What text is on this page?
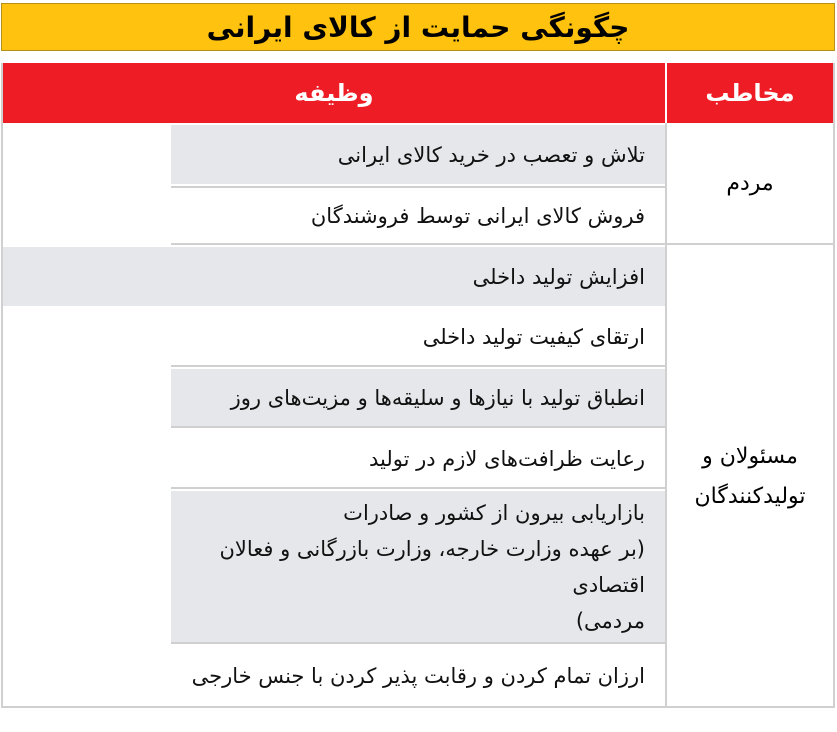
چگونگی حمایت از کالای ایرانی
مخاطب
وظیفه
مردم
مسئولان و
تولیدکنندگان
تلاش و تعصب در خرید کالای ایرانی
فروش کالای ایرانی توسط فروشندگان
افزایش تولید داخلی
ارتقای کیفیت تولید داخلی
انطباق تولید با نیازها و سلیقه‌ها و مزیت‌های روز
رعایت ظرافت‌های لازم در تولید
بازاریابی بیرون از کشور و صادرات
(بر عهده وزارت خارجه، وزارت بازرگانی و فعالان اقتصادی
مردمی)
ارزان تمام کردن و رقابت پذیر کردن با جنس خارجی
